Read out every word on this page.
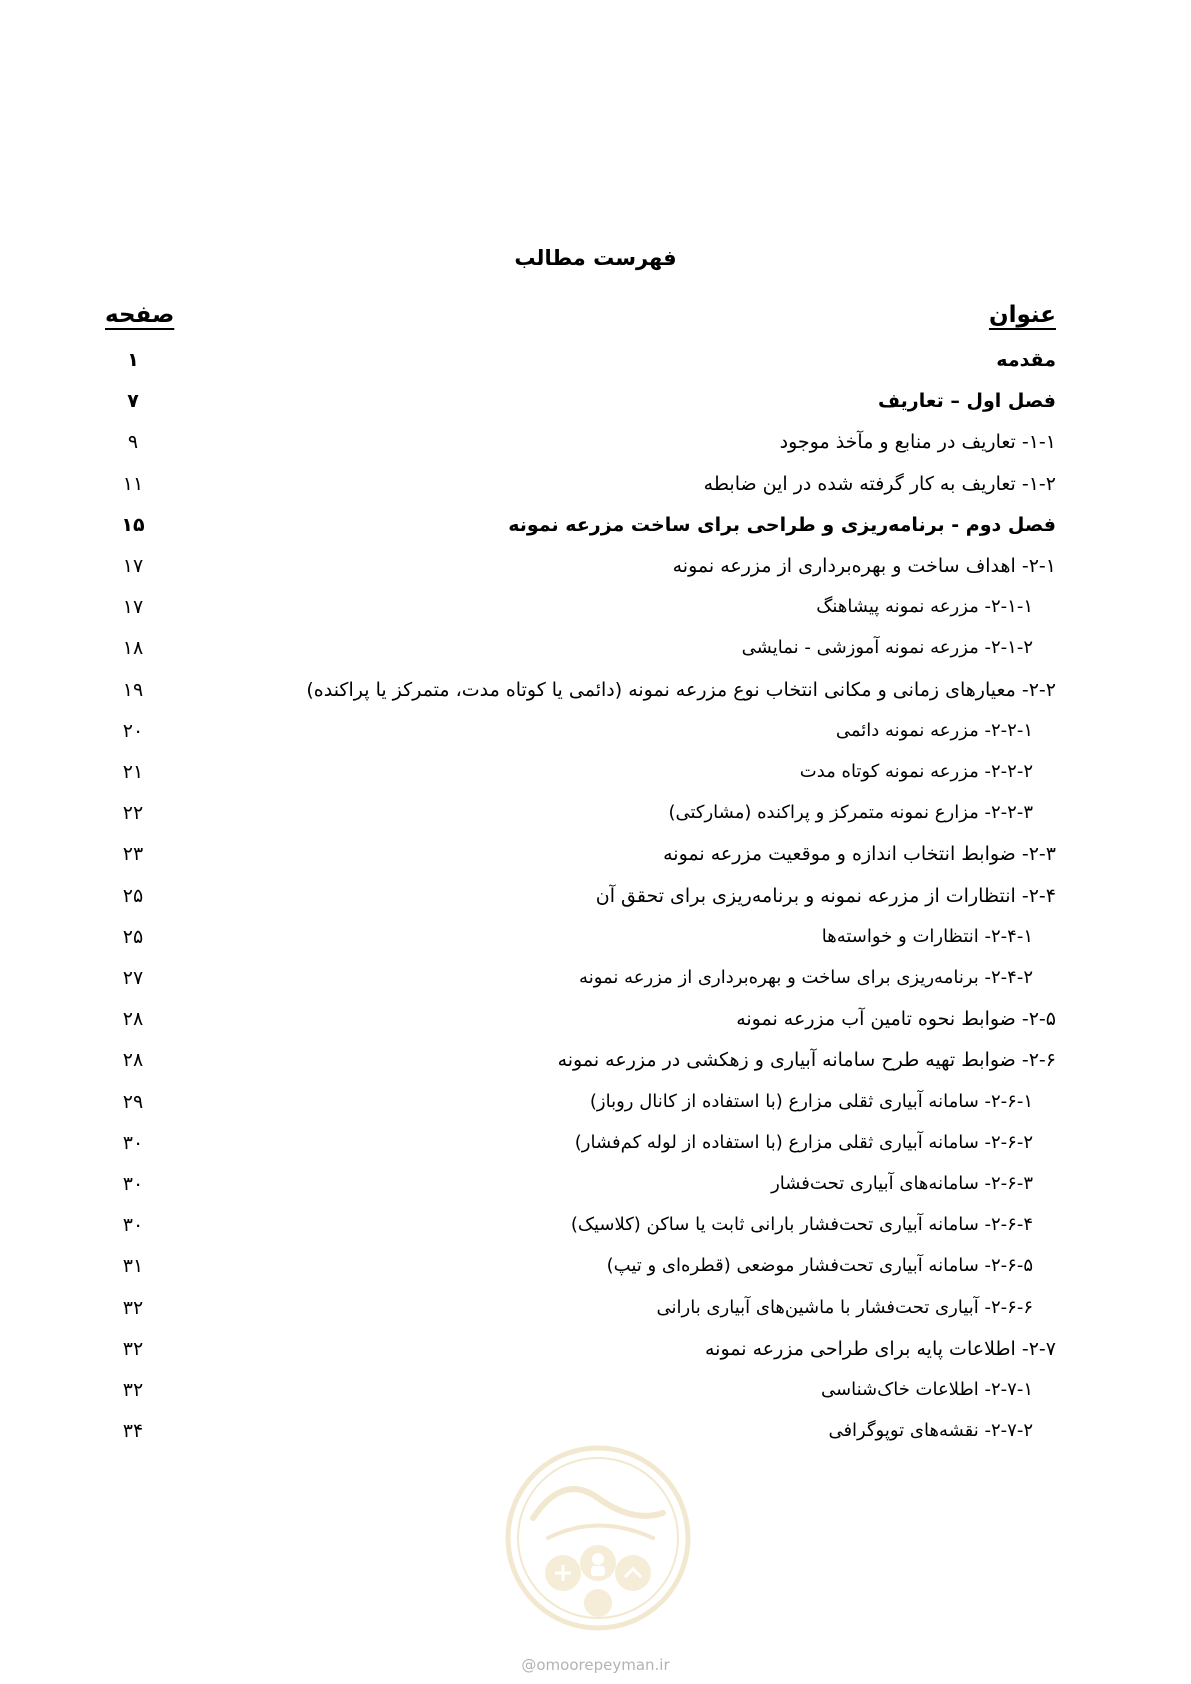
فهرست مطالب
عنوان
صفحه
مقدمه
۱
فصل اول – تعاریف
۷
۱-۱- تعاریف در منابع و مآخذ موجود
۹
۱-۲- تعاریف به کار گرفته شده در این ضابطه
۱۱
فصل دوم - برنامه‌ریزی و طراحی برای ساخت مزرعه نمونه
۱۵
۲-۱- اهداف ساخت و بهره‌برداری از مزرعه نمونه
۱۷
۲-۱-۱- مزرعه نمونه پیشاهنگ
۱۷
۲-۱-۲- مزرعه نمونه آموزشی - نمایشی
۱۸
۲-۲- معیارهای زمانی و مکانی انتخاب نوع مزرعه نمونه (دائمی یا کوتاه مدت، متمرکز یا پراکنده)
۱۹
۲-۲-۱- مزرعه نمونه دائمی
۲۰
۲-۲-۲- مزرعه نمونه کوتاه مدت
۲۱
۲-۲-۳- مزارع نمونه متمرکز و پراکنده (مشارکتی)
۲۲
۲-۳- ضوابط انتخاب اندازه و موقعیت مزرعه نمونه
۲۳
۲-۴- انتظارات از مزرعه نمونه و برنامه‌ریزی برای تحقق آن
۲۵
۲-۴-۱- انتظارات و خواسته‌ها
۲۵
۲-۴-۲- برنامه‌ریزی برای ساخت و بهره‌برداری از مزرعه نمونه
۲۷
۲-۵- ضوابط نحوه تامین آب مزرعه نمونه
۲۸
۲-۶- ضوابط تهیه طرح سامانه آبیاری و زهکشی در مزرعه نمونه
۲۸
۲-۶-۱- سامانه آبیاری ثقلی مزارع (با استفاده از کانال روباز)
۲۹
۲-۶-۲- سامانه آبیاری ثقلی مزارع (با استفاده از لوله کم‌فشار)
۳۰
۲-۶-۳- سامانه‌های آبیاری تحت‌فشار
۳۰
۲-۶-۴- سامانه آبیاری تحت‌فشار بارانی ثابت یا ساکن (کلاسیک)
۳۰
۲-۶-۵- سامانه آبیاری تحت‌فشار موضعی (قطره‌ای و تیپ)
۳۱
۲-۶-۶- آبیاری تحت‌فشار با ماشین‌های آبیاری بارانی
۳۲
۲-۷- اطلاعات پایه برای طراحی مزرعه نمونه
۳۲
۲-۷-۱- اطلاعات خاک‌شناسی
۳۲
۲-۷-۲- نقشه‌های توپوگرافی
۳۴
@omoorepeyman.ir
